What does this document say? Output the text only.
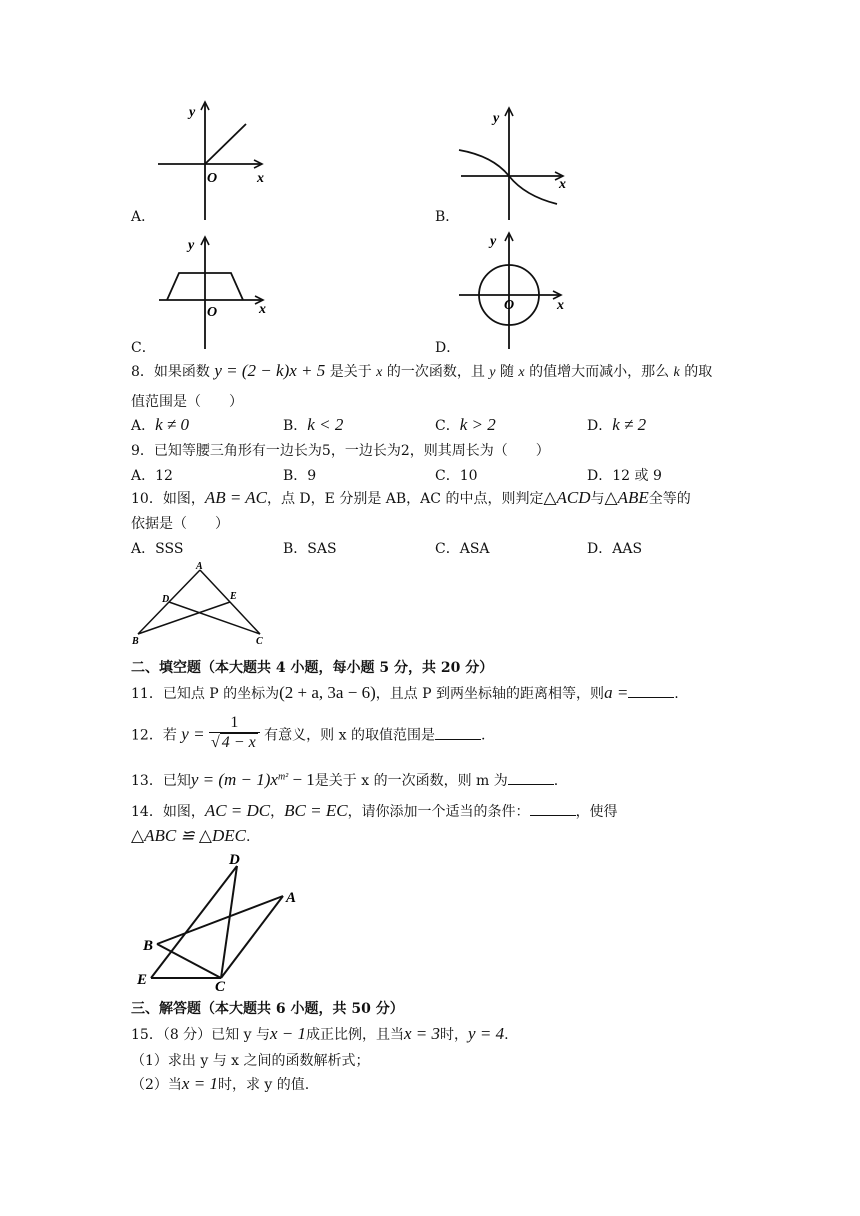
A．
y
O	x
B．
y
x
C．
y
O	x
D．
y
O	x
8．如果函数 y = (2 − k)x + 5 是关于 x 的一次函数，且 y 随 x 的值增大而减小，那么 k 的取
值范围是（　　）
A．k ≠ 0	B．k < 2	C．k > 2	D．k ≠ 2
9．已知等腰三角形有一边长为5，一边长为2，则其周长为（　　）
A．12	B．9	C．10	D．12 或 9
10．如图，AB = AC，点 D，E 分别是 AB，AC 的中点，则判定△ACD与△ABE全等的
依据是（　　）
A．SSS	B．SAS	C．ASA	D．AAS
A
D	E
B	C
二、填空题（本大题共 4 小题，每小题 5 分，共 20 分）
11．已知点 P 的坐标为(2 + a, 3a − 6)，且点 P 到两坐标轴的距离相等，则a =	.
12．若 $y = \frac{1}{√ 4 - x}$ 有意义，则 x 的取值范围是	.
13．已知$y = (m - 1)x^{m^2} - 1$是关于 x 的一次函数，则 m 为	.
14．如图，AC = DC，BC = EC，请你添加一个适当的条件：	，使得
△ABC ≌ △DEC.
D
A
B
E	C
三、解答题（本大题共 6 小题，共 50 分）
15．（8 分）已知 y 与x − 1成正比例，且当x = 3时，y = 4.
（1）求出 y 与 x 之间的函数解析式；
（2）当x = 1时，求 y 的值.
